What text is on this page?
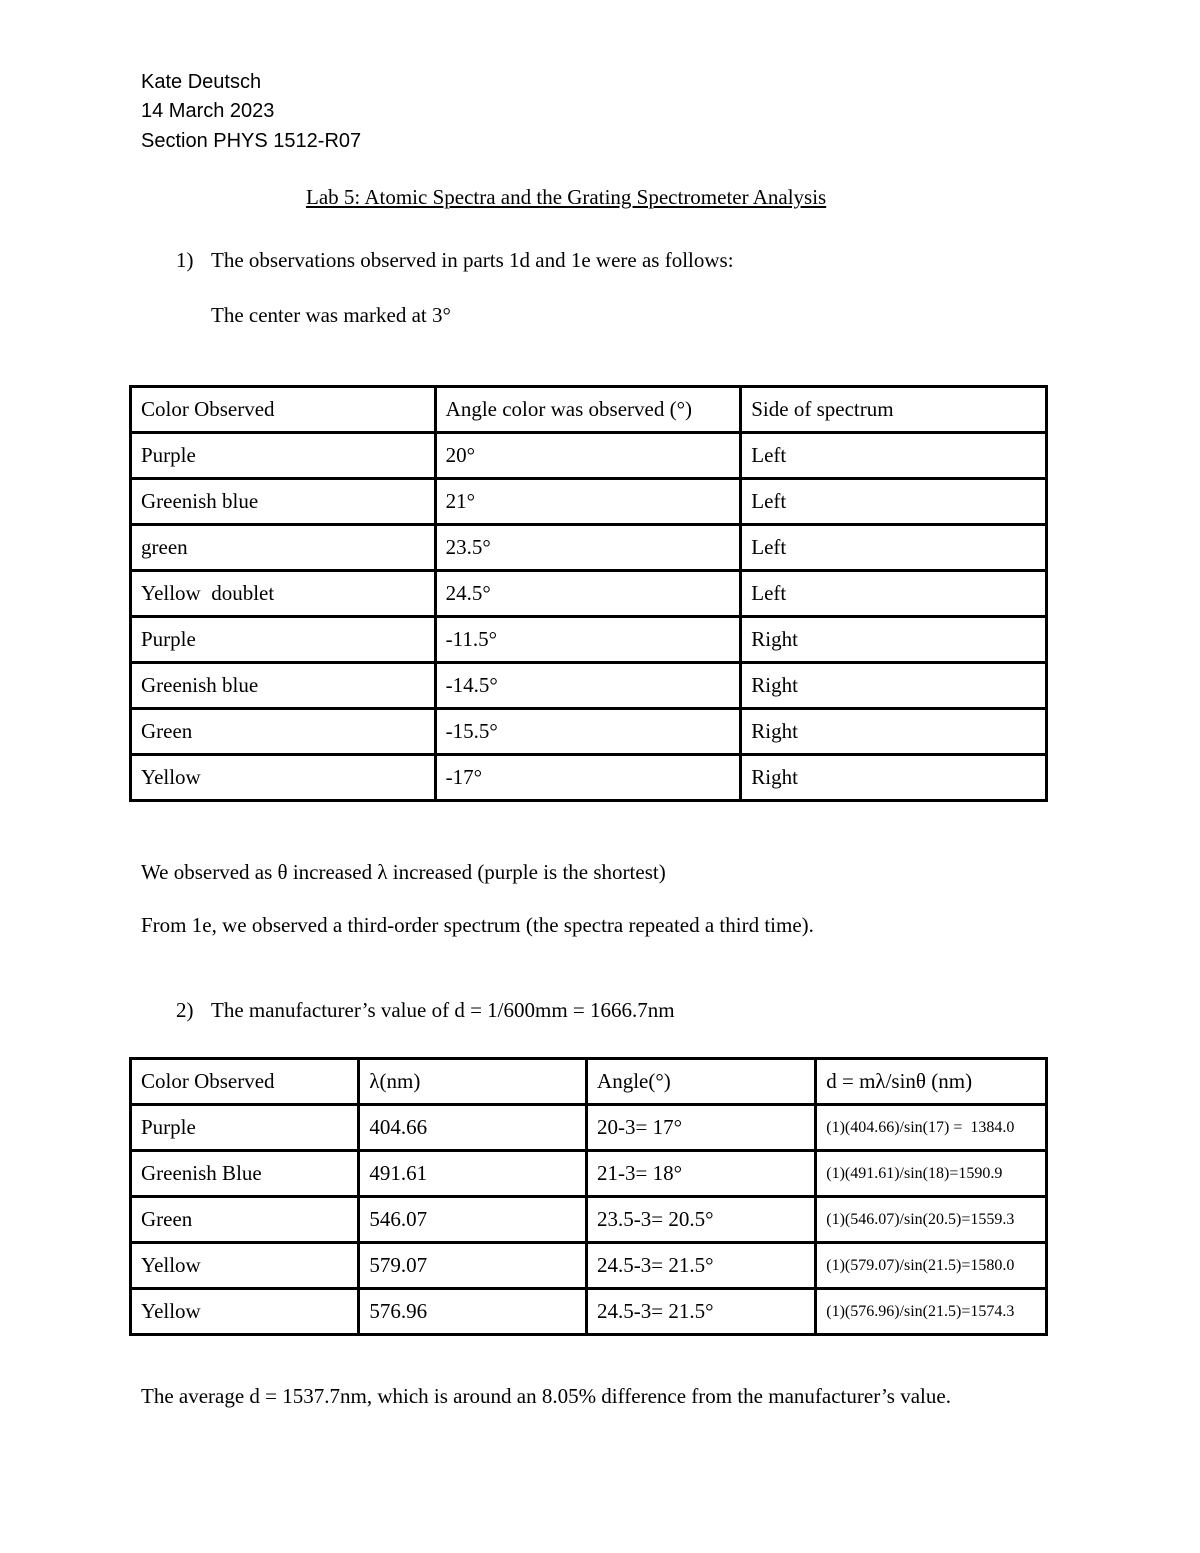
Kate Deutsch
14 March 2023
Section PHYS 1512-R07
Lab 5: Atomic Spectra and the Grating Spectrometer Analysis
1) The observations observed in parts 1d and 1e were as follows:
The center was marked at 3°
Color Observed	Angle color was observed (°)	Side of spectrum
Purple	20°	Left
Greenish blue	21°	Left
green	23.5°	Left
Yellow  doublet	24.5°	Left
Purple	-11.5°	Right
Greenish blue	-14.5°	Right
Green	-15.5°	Right
Yellow	-17°	Right
We observed as θ increased λ increased (purple is the shortest)
From 1e, we observed a third-order spectrum (the spectra repeated a third time).
2) The manufacturer’s value of d = 1/600mm = 1666.7nm
Color Observed	λ(nm)	Angle(°)	d = mλ/sinθ (nm)
Purple	404.66	20-3= 17°	(1)(404.66)/sin(17) =  1384.0
Greenish Blue	491.61	21-3= 18°	(1)(491.61)/sin(18)=1590.9
Green	546.07	23.5-3= 20.5°	(1)(546.07)/sin(20.5)=1559.3
Yellow	579.07	24.5-3= 21.5°	(1)(579.07)/sin(21.5)=1580.0
Yellow	576.96	24.5-3= 21.5°	(1)(576.96)/sin(21.5)=1574.3
The average d = 1537.7nm, which is around an 8.05% difference from the manufacturer’s value.
